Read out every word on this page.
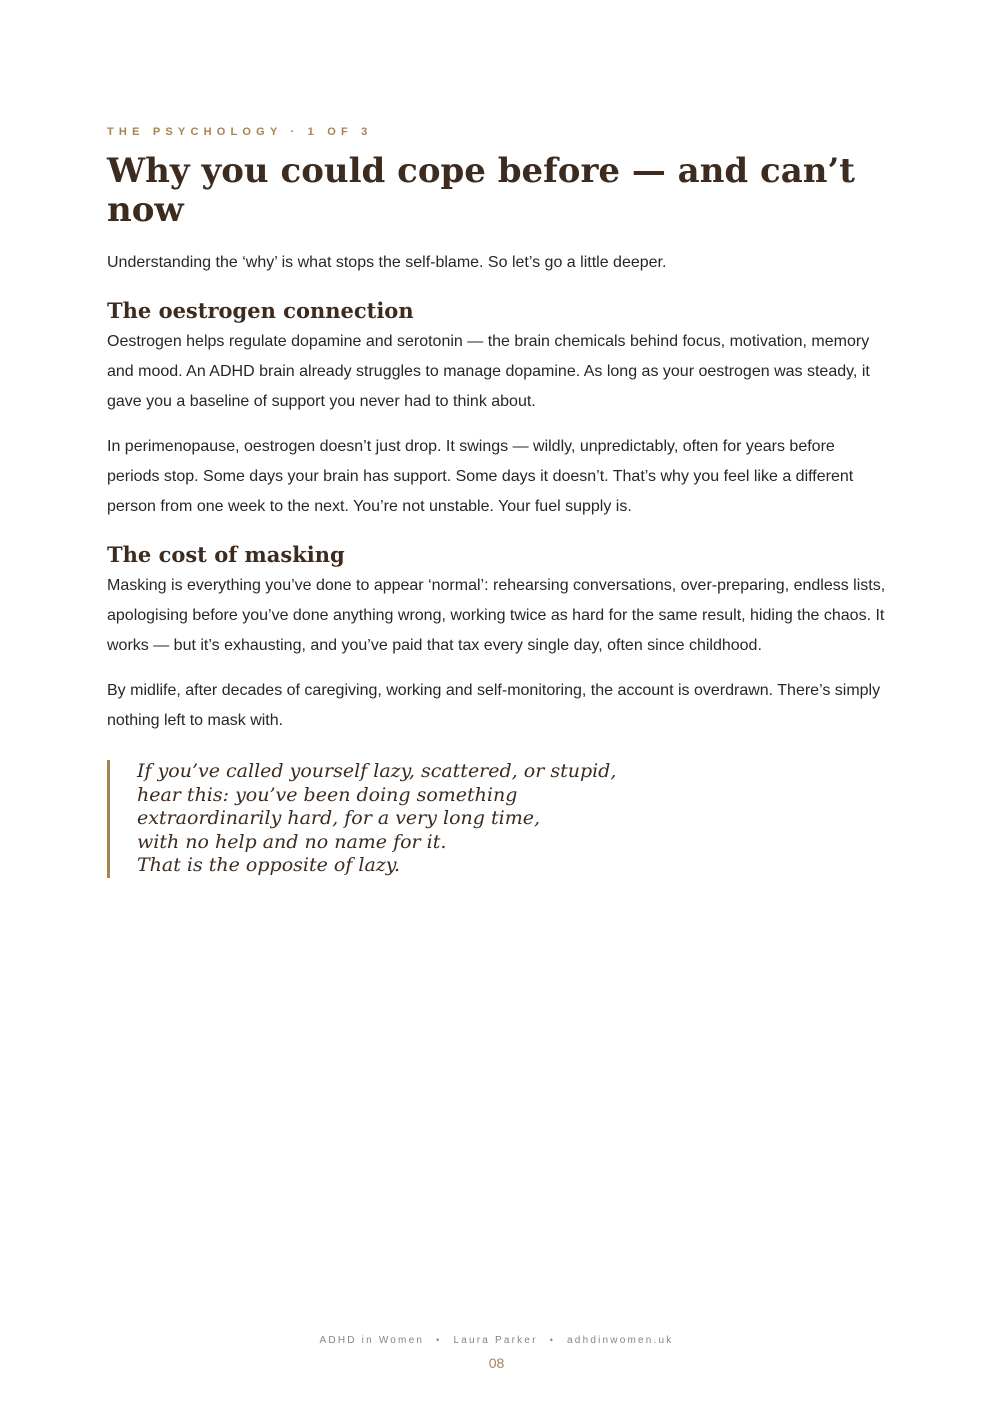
THE PSYCHOLOGY · 1 OF 3

Why you could cope before — and can’t now

Understanding the ‘why’ is what stops the self-blame. So let’s go a little deeper.

The oestrogen connection

Oestrogen helps regulate dopamine and serotonin — the brain chemicals behind focus, motivation, memory and mood. An ADHD brain already struggles to manage dopamine. As long as your oestrogen was steady, it gave you a baseline of support you never had to think about.

In perimenopause, oestrogen doesn’t just drop. It swings — wildly, unpredictably, often for years before periods stop. Some days your brain has support. Some days it doesn’t. That’s why you feel like a different person from one week to the next. You’re not unstable. Your fuel supply is.

The cost of masking

Masking is everything you’ve done to appear ‘normal’: rehearsing conversations, over-preparing, endless lists, apologising before you’ve done anything wrong, working twice as hard for the same result, hiding the chaos. It works — but it’s exhausting, and you’ve paid that tax every single day, often since childhood.

By midlife, after decades of caregiving, working and self-monitoring, the account is overdrawn. There’s simply nothing left to mask with.

If you’ve called yourself lazy, scattered, or stupid,
hear this: you’ve been doing something
extraordinarily hard, for a very long time,
with no help and no name for it.
That is the opposite of lazy.
ADHD in Women • Laura Parker • adhdinwomen.uk
08
